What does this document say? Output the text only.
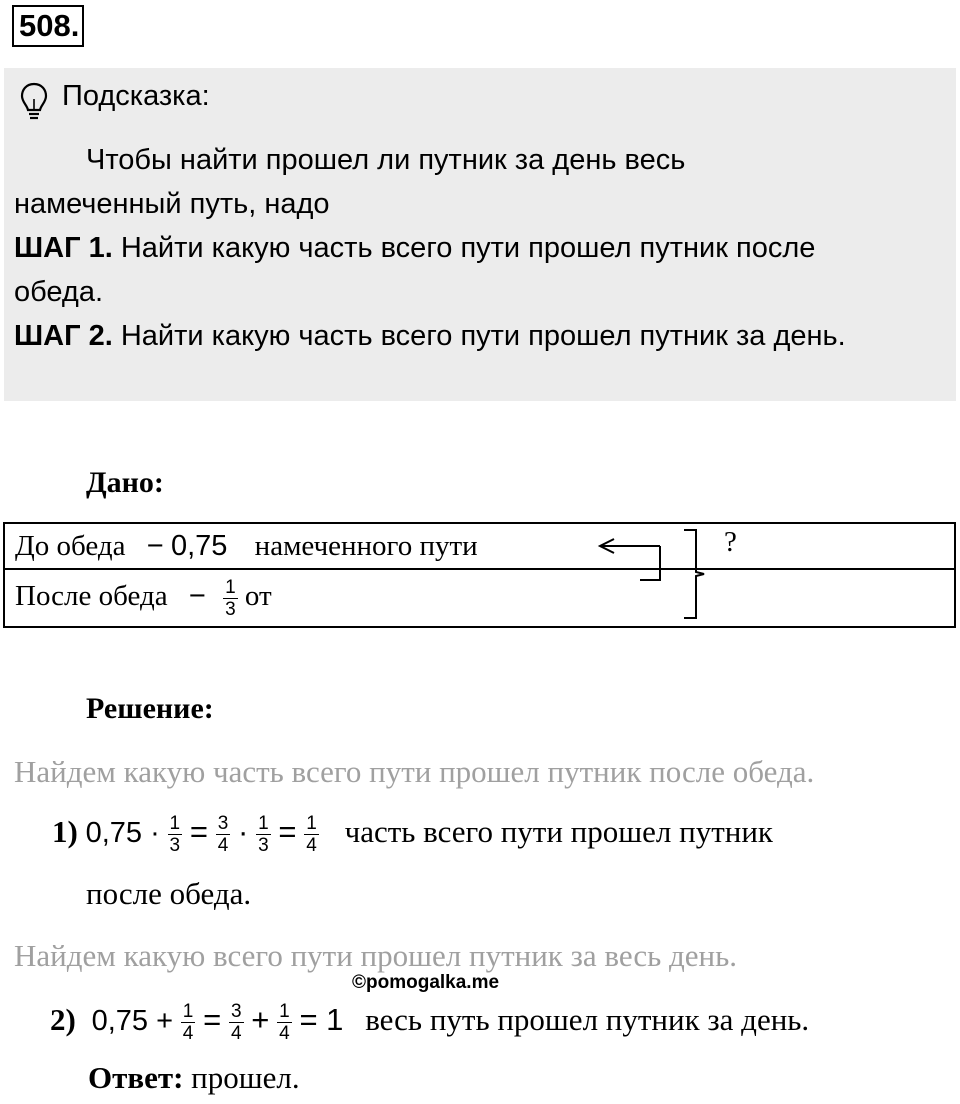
508.
Подсказка:
Чтобы найти прошел ли путник за день весь
намеченный путь, надо
ШАГ 1. Найти какую часть всего пути прошел путник после
обеда.
ШАГ 2. Найти какую часть всего пути прошел путник за день.
Дано:
До обеда − 0,75 намеченного пути
После обеда − $\frac{1}{3}$ от
?
Решение:
Найдем какую часть всего пути прошел путник после обеда.
1) $0,75 \cdot \frac{1}{3} = \frac{3}{4} \cdot \frac{1}{3} = \frac{1}{4}$ часть всего пути прошел путник
после обеда.
Найдем какую всего пути прошел путник за весь день.
©pomogalka.me
2) $0,75 + \frac{1}{4} = \frac{3}{4} + \frac{1}{4} = 1$ весь путь прошел путник за день.
Ответ: прошел.
